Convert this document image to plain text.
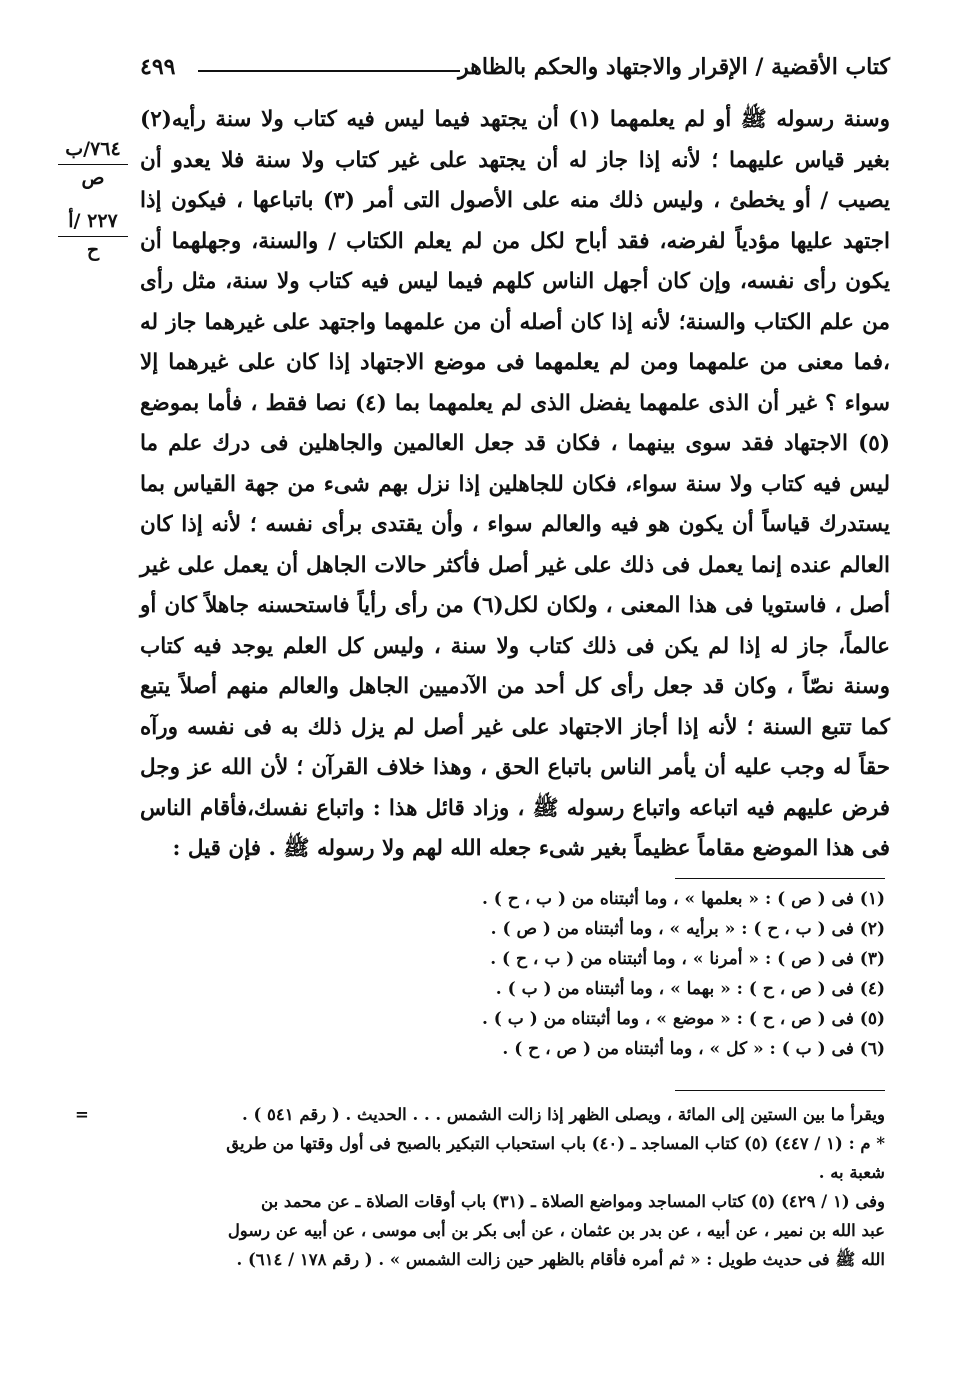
كتاب الأقضية / الإقرار والاجتهاد والحكم بالظاهر
٤٩٩
٧٦٤/ب
ص
٢٢٧ /أ
ح

وسنة رسوله ﷺ أو لم يعلمهما (١) أن يجتهد فيما ليس فيه كتاب ولا سنة رأيه(٢) بغير قياس عليهما ؛ لأنه إذا جاز له أن يجتهد على غير كتاب ولا سنة فلا يعدو أن يصيب / أو يخطئ ، وليس ذلك منه على الأصول التى أمر (٣) باتباعها ، فيكون إذا اجتهد عليها مؤدياً لفرضه، فقد أباح لكل من لم يعلم الكتاب / والسنة، وجهلهما أن يكون رأى نفسه، وإن كان أجهل الناس كلهم فيما ليس فيه كتاب ولا سنة، مثل رأى من علم الكتاب والسنة؛ لأنه إذا كان أصله أن من علمهما واجتهد على غيرهما جاز له ،فما معنى من علمهما ومن لم يعلمهما فى موضع الاجتهاد إذا كان على غيرهما إلا سواء ؟ غير أن الذى علمهما يفضل الذى لم يعلمهما بما (٤) نصا فقط ، فأما بموضع (٥) الاجتهاد فقد سوى بينهما ، فكان قد جعل العالمين والجاهلين فى درك علم ما ليس فيه كتاب ولا سنة سواء، فكان للجاهلين إذا نزل بهم شىء من جهة القياس بما يستدرك قياساً أن يكون هو فيه والعالم سواء ، وأن يقتدى برأى نفسه ؛ لأنه إذا كان العالم عنده إنما يعمل فى ذلك على غير أصل فأكثر حالات الجاهل أن يعمل على غير أصل ، فاستويا فى هذا المعنى ، ولكان لكل(٦) من رأى رأياً فاستحسنه جاهلاً كان أو عالماً، جاز له إذا لم يكن فى ذلك كتاب ولا سنة ، وليس كل العلم يوجد فيه كتاب وسنة نصّاً ، وكان قد جعل رأى كل أحد من الآدميين الجاهل والعالم منهم أصلاً يتبع كما تتبع السنة ؛ لأنه إذا أجاز الاجتهاد على غير أصل لم يزل ذلك به فى نفسه ورآه حقاً له وجب عليه أن يأمر الناس باتباع الحق ، وهذا خلاف القرآن ؛ لأن الله عز وجل فرض عليهم فيه اتباعه واتباع رسوله ﷺ ، وزاد قائل هذا : واتباع نفسك،فأقام الناس فى هذا الموضع مقاماً عظيماً بغير شىء جعله الله لهم ولا رسوله ﷺ . فإن قيل :

(١) فى ( ص ) : « بعلمها » ، وما أثبتناه من ( ب ، ح ) .
(٢) فى ( ب ، ح ) : « برأيه » ، وما أثبتناه من ( ص ) .
(٣) فى ( ص ) : « أمرنا » ، وما أثبتناه من ( ب ، ح ) .
(٤) فى ( ص ، ح ) : « بهما » ، وما أثبتناه من ( ب ) .
(٥) فى ( ص ، ح ) : « موضع » ، وما أثبتناه من ( ب ) .
(٦) فى ( ب ) : « كل » ، وما أثبتناه من ( ص ، ح ) .
=	ويقرأ ما بين الستين إلى المائة ، ويصلى الظهر إذا زالت الشمس . . . الحديث . ( رقم ٥٤١ ) .
* م : (١ / ٤٤٧) (٥) كتاب المساجد ـ (٤٠) باب استحباب التبكير بالصبح فى أول وقتها من طريق
شعبة به .
وفى (١ / ٤٢٩) (٥) كتاب المساجد ومواضع الصلاة ـ (٣١) باب أوقات الصلاة ـ عن محمد بن
عبد الله بن نمير ، عن أبيه ، عن بدر بن عثمان ، عن أبى بكر بن أبى موسى ، عن أبيه عن رسول
الله ﷺ فى حديث طويل : « ثم أمره فأقام بالظهر حين زالت الشمس » . ( رقم ١٧٨ / ٦١٤) .
